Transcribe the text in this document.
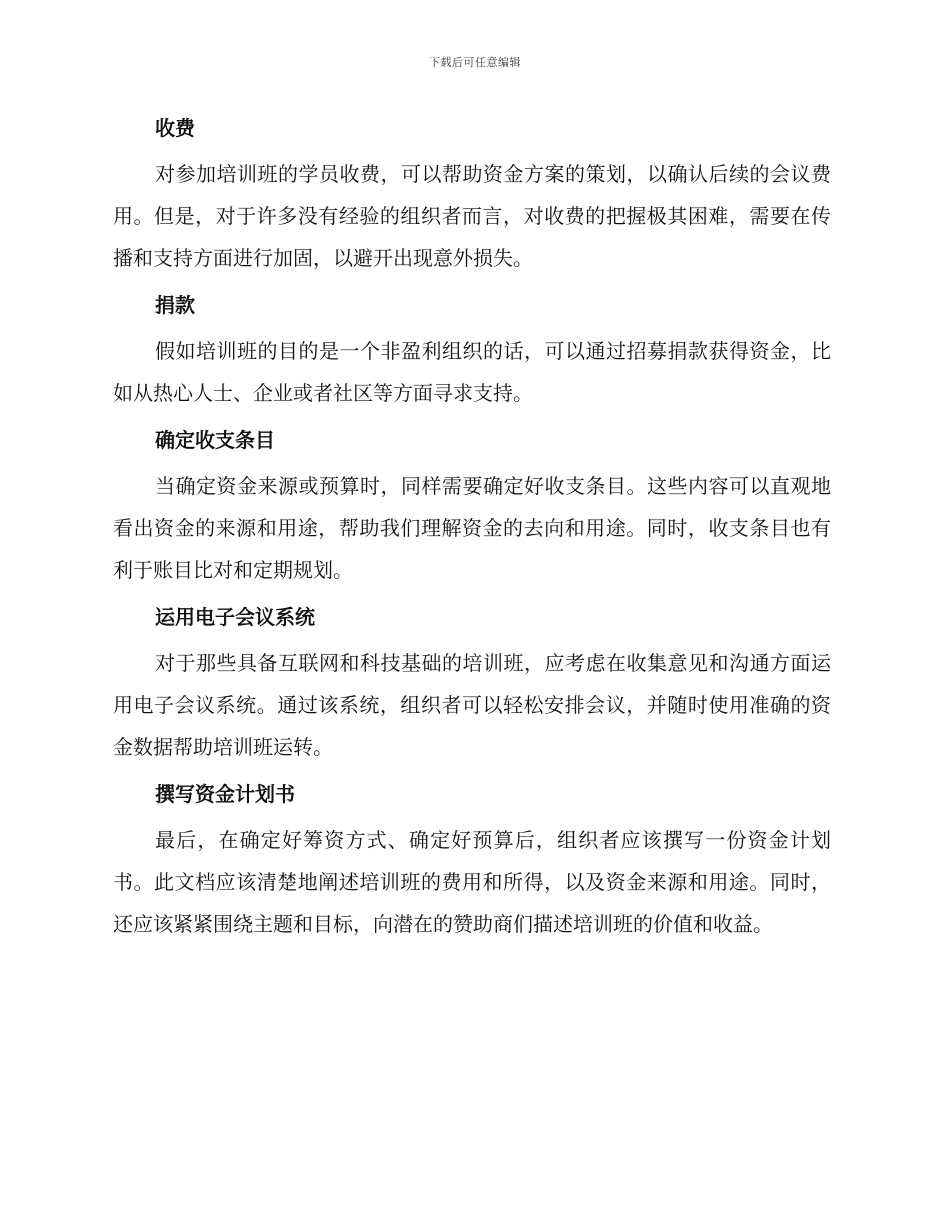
下载后可任意编辑
收费

对参加培训班的学员收费，可以帮助资金方案的策划，以确认后续的会议费用。但是，对于许多没有经验的组织者而言，对收费的把握极其困难，需要在传播和支持方面进行加固，以避开出现意外损失。

捐款

假如培训班的目的是一个非盈利组织的话，可以通过招募捐款获得资金，比如从热心人士、企业或者社区等方面寻求支持。

确定收支条目

当确定资金来源或预算时，同样需要确定好收支条目。这些内容可以直观地看出资金的来源和用途，帮助我们理解资金的去向和用途。同时，收支条目也有利于账目比对和定期规划。

运用电子会议系统

对于那些具备互联网和科技基础的培训班，应考虑在收集意见和沟通方面运用电子会议系统。通过该系统，组织者可以轻松安排会议，并随时使用准确的资金数据帮助培训班运转。

撰写资金计划书

最后，在确定好筹资方式、确定好预算后，组织者应该撰写一份资金计划书。此文档应该清楚地阐述培训班的费用和所得，以及资金来源和用途。同时，还应该紧紧围绕主题和目标，向潜在的赞助商们描述培训班的价值和收益。
